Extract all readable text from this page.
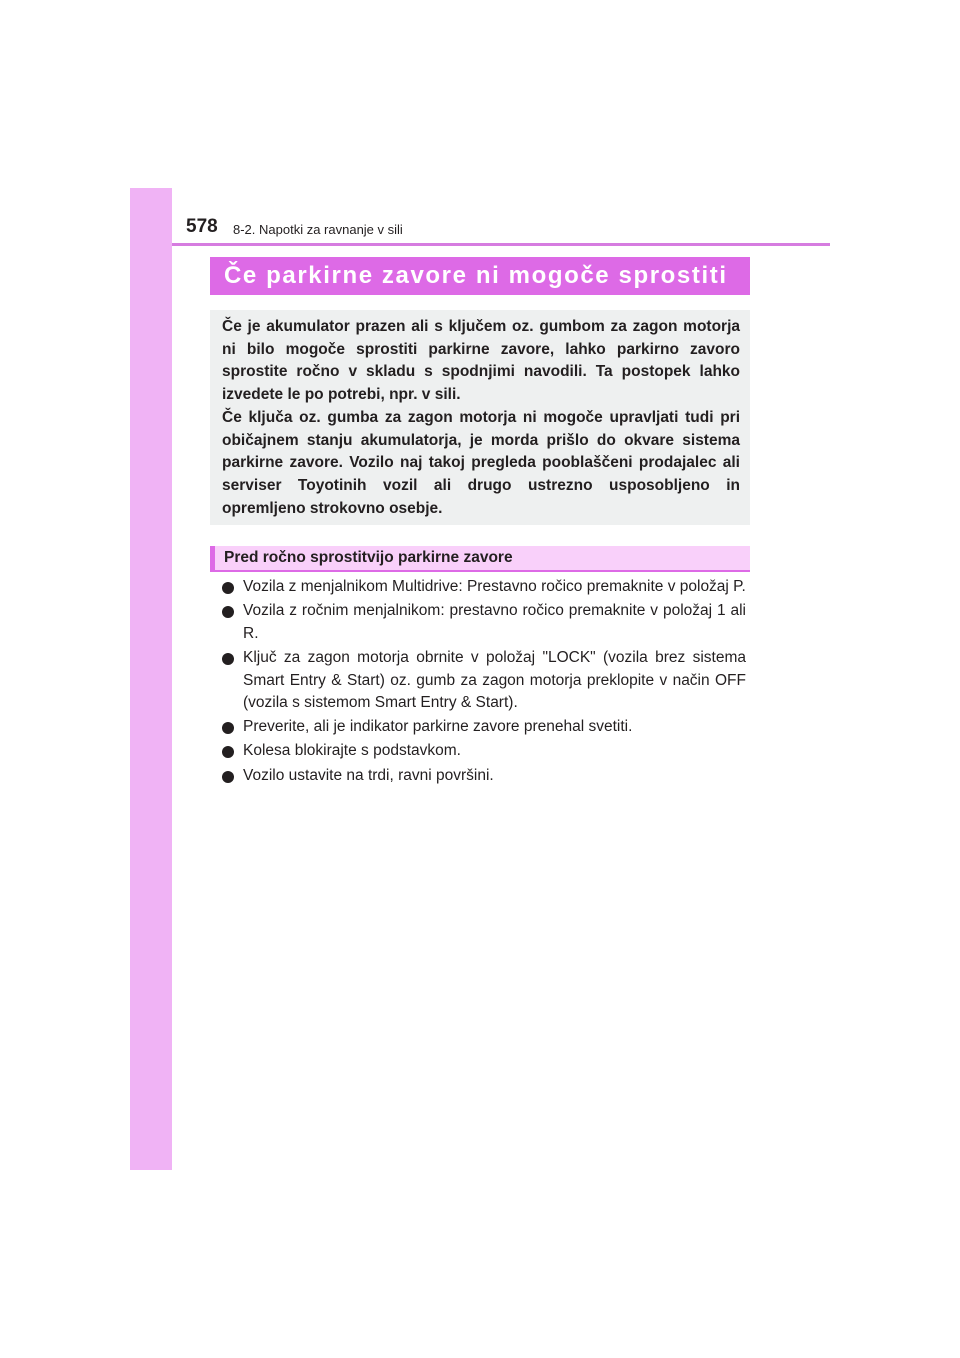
578 8-2. Napotki za ravnanje v sili
Če parkirne zavore ni mogoče sprostiti

Če je akumulator prazen ali s ključem oz. gumbom za zagon motorja ni bilo mogoče sprostiti parkirne zavore, lahko parkirno zavoro sprostite ročno v skladu s spodnjimi navodili. Ta postopek lahko izvedete le po potrebi, npr. v sili.

Če ključa oz. gumba za zagon motorja ni mogoče upravljati tudi pri običajnem stanju akumulatorja, je morda prišlo do okvare sistema parkirne zavore. Vozilo naj takoj pregleda pooblaščeni prodajalec ali serviser Toyotinih vozil ali drugo ustrezno usposobljeno in opremljeno strokovno osebje.

Pred ročno sprostitvijo parkirne zavore
Vozila z menjalnikom Multidrive: Prestavno ročico premaknite v položaj P.
Vozila z ročnim menjalnikom: prestavno ročico premaknite v položaj 1 ali R.
Ključ za zagon motorja obrnite v položaj "LOCK" (vozila brez sistema Smart Entry & Start) oz. gumb za zagon motorja preklopite v način OFF (vozila s sistemom Smart Entry & Start).
Preverite, ali je indikator parkirne zavore prenehal svetiti.
Kolesa blokirajte s podstavkom.
Vozilo ustavite na trdi, ravni površini.
